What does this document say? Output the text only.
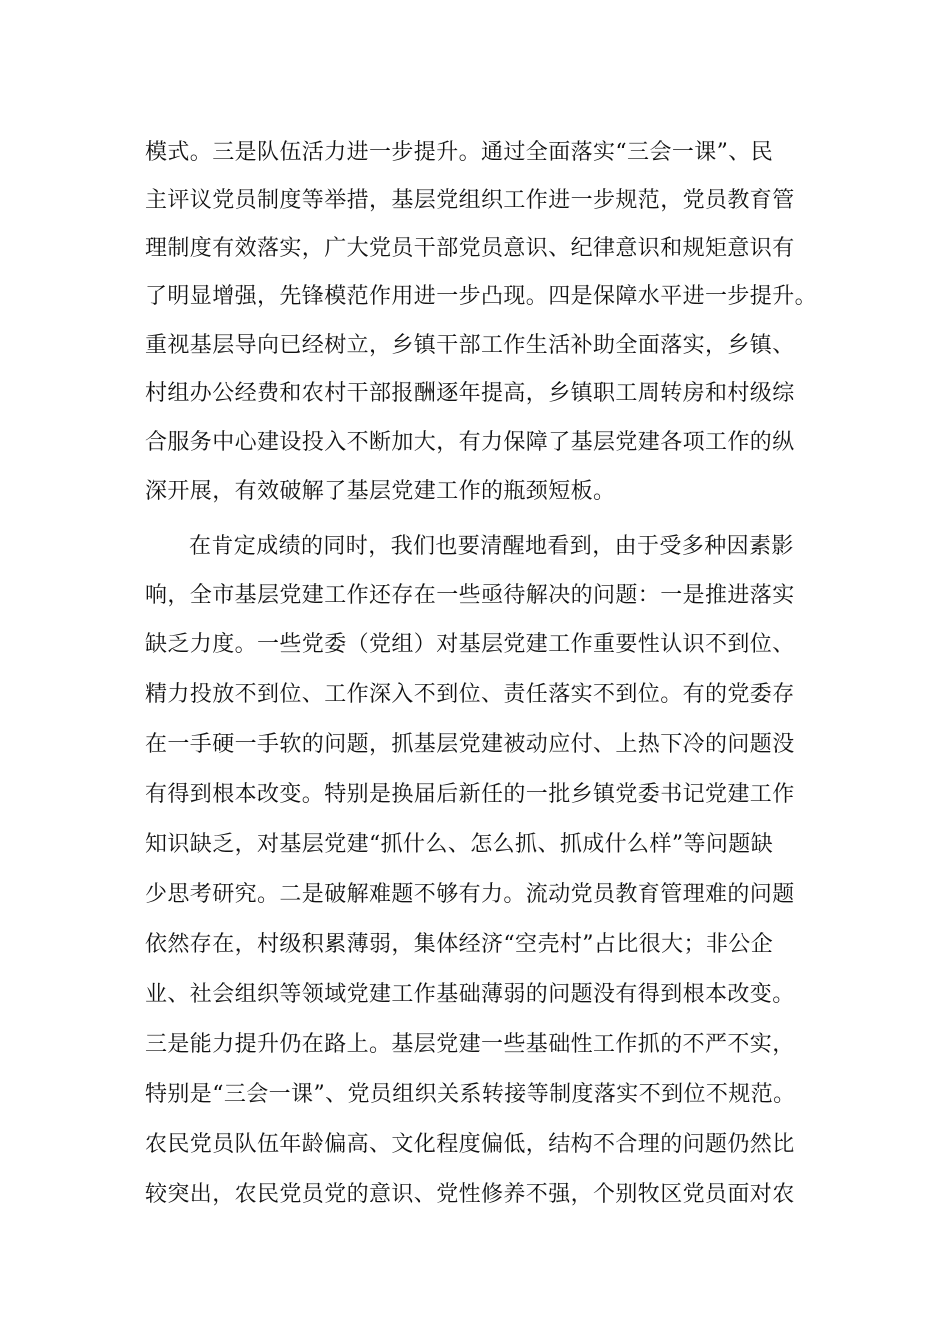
模式。三是队伍活力进一步提升。通过全面落实“三会一课”、民
主评议党员制度等举措，基层党组织工作进一步规范，党员教育管
理制度有效落实，广大党员干部党员意识、纪律意识和规矩意识有
了明显增强，先锋模范作用进一步凸现。四是保障水平进一步提升。
重视基层导向已经树立，乡镇干部工作生活补助全面落实，乡镇、
村组办公经费和农村干部报酬逐年提高，乡镇职工周转房和村级综
合服务中心建设投入不断加大，有力保障了基层党建各项工作的纵
深开展，有效破解了基层党建工作的瓶颈短板。
在肯定成绩的同时，我们也要清醒地看到，由于受多种因素影
响，全市基层党建工作还存在一些亟待解决的问题：一是推进落实
缺乏力度。一些党委（党组）对基层党建工作重要性认识不到位、
精力投放不到位、工作深入不到位、责任落实不到位。有的党委存
在一手硬一手软的问题，抓基层党建被动应付、上热下冷的问题没
有得到根本改变。特别是换届后新任的一批乡镇党委书记党建工作
知识缺乏，对基层党建“抓什么、怎么抓、抓成什么样”等问题缺
少思考研究。二是破解难题不够有力。流动党员教育管理难的问题
依然存在，村级积累薄弱，集体经济“空壳村”占比很大；非公企
业、社会组织等领域党建工作基础薄弱的问题没有得到根本改变。
三是能力提升仍在路上。基层党建一些基础性工作抓的不严不实，
特别是“三会一课”、党员组织关系转接等制度落实不到位不规范。
农民党员队伍年龄偏高、文化程度偏低，结构不合理的问题仍然比
较突出，农民党员党的意识、党性修养不强，个别牧区党员面对农
